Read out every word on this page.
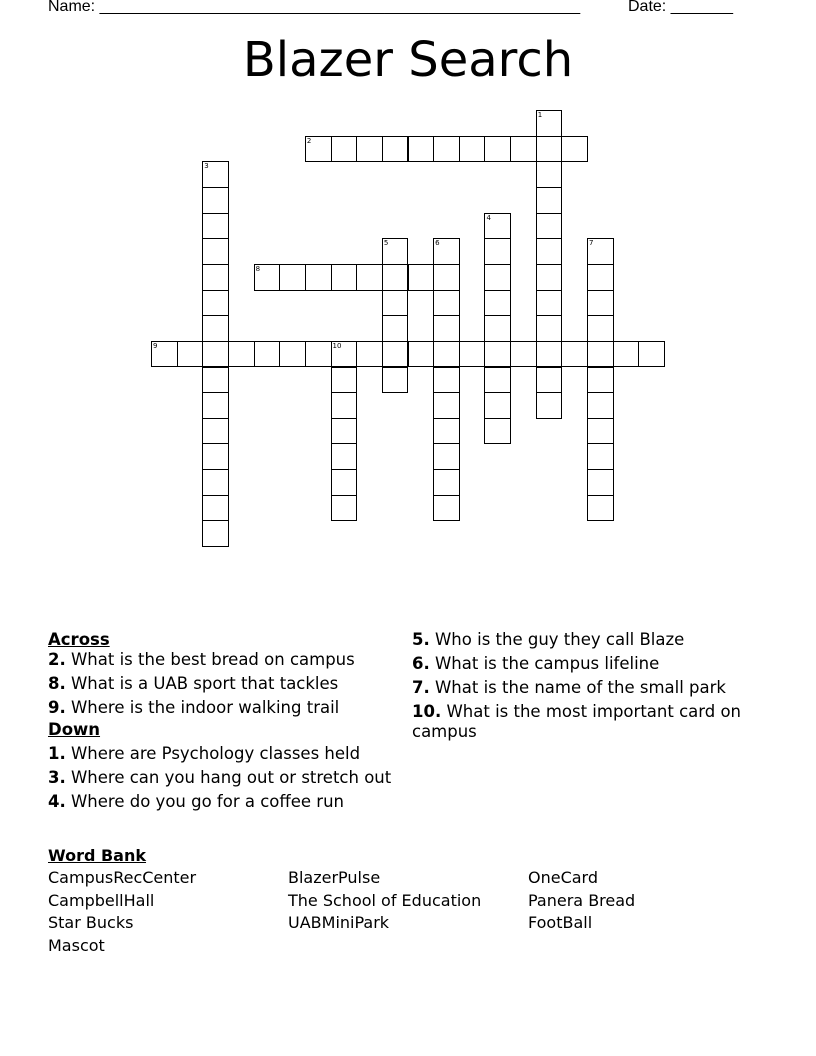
Name: ______________________________________________________	Date: _______
Blazer Search
1
2
3
4
5	6	7
8
9	10
Across
2. What is the best bread on campus
8. What is a UAB sport that tackles
9. Where is the indoor walking trail
Down
1. Where are Psychology classes held
3. Where can you hang out or stretch out
4. Where do you go for a coffee run
5. Who is the guy they call Blaze
6. What is the campus lifeline
7. What is the name of the small park
10. What is the most important card on campus
Word Bank
CampusRecCenter	BlazerPulse	OneCard
CampbellHall	The School of Education	Panera Bread
Star Bucks	UABMiniPark	FootBall
Mascot
